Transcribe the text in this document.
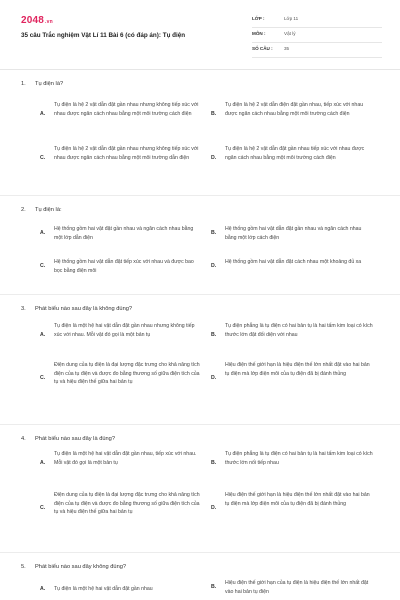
2048.vn
35 câu Trắc nghiệm Vật Lí 11 Bài 6 (có đáp án): Tụ điện
LỚP :	Lớp 11
MÔN :	Vật lý
SỐ CÂU : 35
1. Tụ điện là?
A.
Tụ điện là hệ 2 vật dẫn đặt gần nhau nhưng không tiếp xúc với nhau được ngăn cách nhau bằng một môi trường cách điện	B.
Tụ điện là hệ 2 vật dẫn điện đặt gần nhau, tiếp xúc với nhau được ngăn cách nhau bằng một môi trường cách điện
C.
Tụ điện là hệ 2 vật dẫn đặt gần nhau nhưng không tiếp xúc với nhau được ngăn cách nhau bằng một môi trường dẫn điện	D.
Tụ điện là hệ 2 vật dẫn đặt gần nhau tiếp xúc với nhau được ngăn cách nhau bằng một môi trường cách điện
2. Tụ điện là:
A.
Hệ thống gồm hai vật đặt gần nhau và ngăn cách nhau bằng một lớp dẫn điện
B.
Hệ thống gồm hai vật dẫn đặt gần nhau và ngăn cách nhau bằng một lớp cách điện
C.
Hệ thống gồm hai vật dẫn đặt tiếp xúc với nhau và được bao bọc bằng điện môi
D.
Hệ thống gồm hai vật dẫn đặt cách nhau một khoảng đủ xa
3. Phát biểu nào sau đây là không đúng?
A.
Tụ điện là một hệ hai vật dẫn đặt gần nhau nhưng không tiếp xúc với nhau. Mỗi vật đó gọi là một bản tụ	B.
Tụ điện phẳng là tụ điện có hai bản tụ là hai tấm kim loại có kích thước lớn đặt đối diện với nhau
C.
Điện dung của tụ điện là đại lượng đặc trưng cho khả năng tích điện của tụ điện và được đo bằng thương số giữa điện tích của tụ và hiệu điện thế giữa hai bản tụ
D.
Hiệu điện thế giới hạn là hiệu điện thế lớn nhất đặt vào hai bản tụ điện mà lớp điện môi của tụ điện đã bị đánh thủng
4. Phát biểu nào sau đây là đúng?
A.
Tụ điện là một hệ hai vật dẫn đặt gần nhau, tiếp xúc với nhau. Mỗi vật đó gọi là một bản tụ	B.
Tụ điện phẳng là tụ điện có hai bản tụ là hai tấm kim loại có kích thước lớn nối tiếp nhau
C.
Điện dung của tụ điện là đại lượng đặc trưng cho khả năng tích điện của tụ điện và được đo bằng thương số giữa điện tích của tụ và hiệu điện thế giữa hai bản tụ
D.
Hiệu điện thế giới hạn là hiệu điện thế lớn nhất đặt vào hai bản tụ điện mà lớp điện môi của tụ điện đã bị đánh thủng
5. Phát biểu nào sau đây không đúng?
A. Tụ điện là một hệ hai vật dẫn đặt gần nhau	B.
Hiệu điện thế giới hạn của tụ điện là hiệu điện thế lớn nhất đặt vào hai bản tụ điện
